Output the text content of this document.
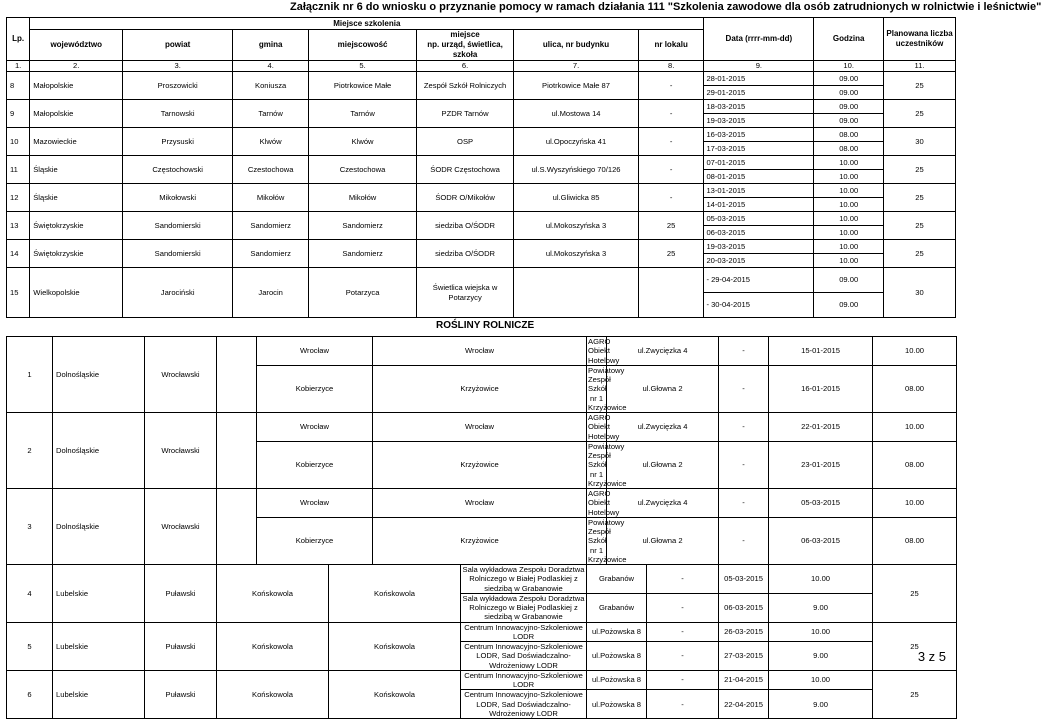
Załącznik nr 6 do wniosku o przyznanie pomocy w ramach działania 111 "Szkolenia zawodowe dla osób zatrudnionych w rolnictwie i leśnictwie"
Lp.	Miejsce szkolenia							Data (rrrr-mm-dd)	Godzina	Planowana liczba uczestników
	województwo	powiat	gmina	miejscowość	miejsce
np. urząd, świetlica,
szkoła	ulica, nr budynku	nr lokalu			
1.	2.	3.	4.	5.	6.	7.	8.	9.	10.	11.
8	Małopolskie	Proszowicki	Koniusza	Piotrkowice Małe	Zespół Szkół Rolniczych	Piotrkowice Małe 87	-	28-01-2015	09.00	25
								29-01-2015	09.00	
9	Małopolskie	Tarnowski	Tarnów	Tarnów	PZDR Tarnów	ul.Mostowa 14	-	18-03-2015	09.00	25
								19-03-2015	09.00	
10	Mazowieckie	Przysuski	Klwów	Klwów	OSP	ul.Opoczyńska 41	-	16-03-2015	08.00	30
								17-03-2015	08.00	
11	Śląskie	Częstochowski	Czestochowa	Czestochowa	ŚODR Częstochowa	ul.S.Wyszyńskiego 70/126	-	07-01-2015	10.00	25
								08-01-2015	10.00	
12	Śląskie	Mikołowski	Mikołów	Mikołów	ŚODR O/Mikołów	ul.Gliwicka 85	-	13-01-2015	10.00	25
								14-01-2015	10.00	
13	Świętokrzyskie	Sandomierski	Sandomierz	Sandomierz	siedziba O/ŚODR	ul.Mokoszyńska 3	25	05-03-2015	10.00	25
								06-03-2015	10.00	
14	Świętokrzyskie	Sandomierski	Sandomierz	Sandomierz	siedziba O/ŚODR	ul.Mokoszyńska 3	25	19-03-2015	10.00	25
								20-03-2015	10.00	
15	Wielkopolskie	Jarociński	Jarocin	Potarzyca	Świetlica wiejska w Potarzycy			- 29-04-2015	09.00	30
								- 30-04-2015	09.00	
ROŚLINY ROLNICZE
1	Dolnośląskie	Wrocławski		Wrocław		Wrocław		AGRO Obiekt Hotelowy	ul.Zwycięzka 4		-	15-01-2015	10.00	
				Kobierzyce		Krzyżowice		Powiatowy Zespół Szkół nr 1 Krzyżowice	ul.Głowna 2		-	16-01-2015	08.00	
2	Dolnośląskie	Wrocławski		Wrocław		Wrocław		AGRO Obiekt Hotelowy	ul.Zwycięzka 4		-	22-01-2015	10.00	
				Kobierzyce		Krzyżowice		Powiatowy Zespół Szkół nr 1 Krzyżowice	ul.Głowna 2		-	23-01-2015	08.00	
3	Dolnośląskie	Wrocławski		Wrocław		Wrocław		AGRO Obiekt Hotelowy	ul.Zwycięzka 4		-	05-03-2015	10.00	
				Kobierzyce		Krzyżowice		Powiatowy Zespół Szkół nr 1 Krzyżowice	ul.Głowna 2		-	06-03-2015	08.00	
4	Lubelskie	Puławski	Końskowola		Końskowola		Sala wykładowa Zespołu Doradztwa Rolniczego w Białej Podlaskiej z siedzibą w Grabanowie	Grabanów		-	05-03-2015	10.00	25	
							Sala wykładowa Zespołu Doradztwa Rolniczego w Białej Podlaskiej z siedzibą w Grabanowie	Grabanów		-	06-03-2015	9.00		
5	Lubelskie	Puławski	Końskowola		Końskowola		Centrum Innowacyjno-Szkoleniowe LODR	ul.Pożowska 8		-	26-03-2015	10.00	25	
							Centrum Innowacyjno-Szkoleniowe LODR, Sad Doświadczalno-Wdrożeniowy LODR	ul.Pożowska 8		-	27-03-2015	9.00		
6	Lubelskie	Puławski	Końskowola		Końskowola		Centrum Innowacyjno-Szkoleniowe LODR	ul.Pożowska 8		-	21-04-2015	10.00	25	
							Centrum Innowacyjno-Szkoleniowe LODR, Sad Doświadczalno-Wdrożeniowy LODR	ul.Pożowska 8		-	22-04-2015	9.00		
3 z 5
